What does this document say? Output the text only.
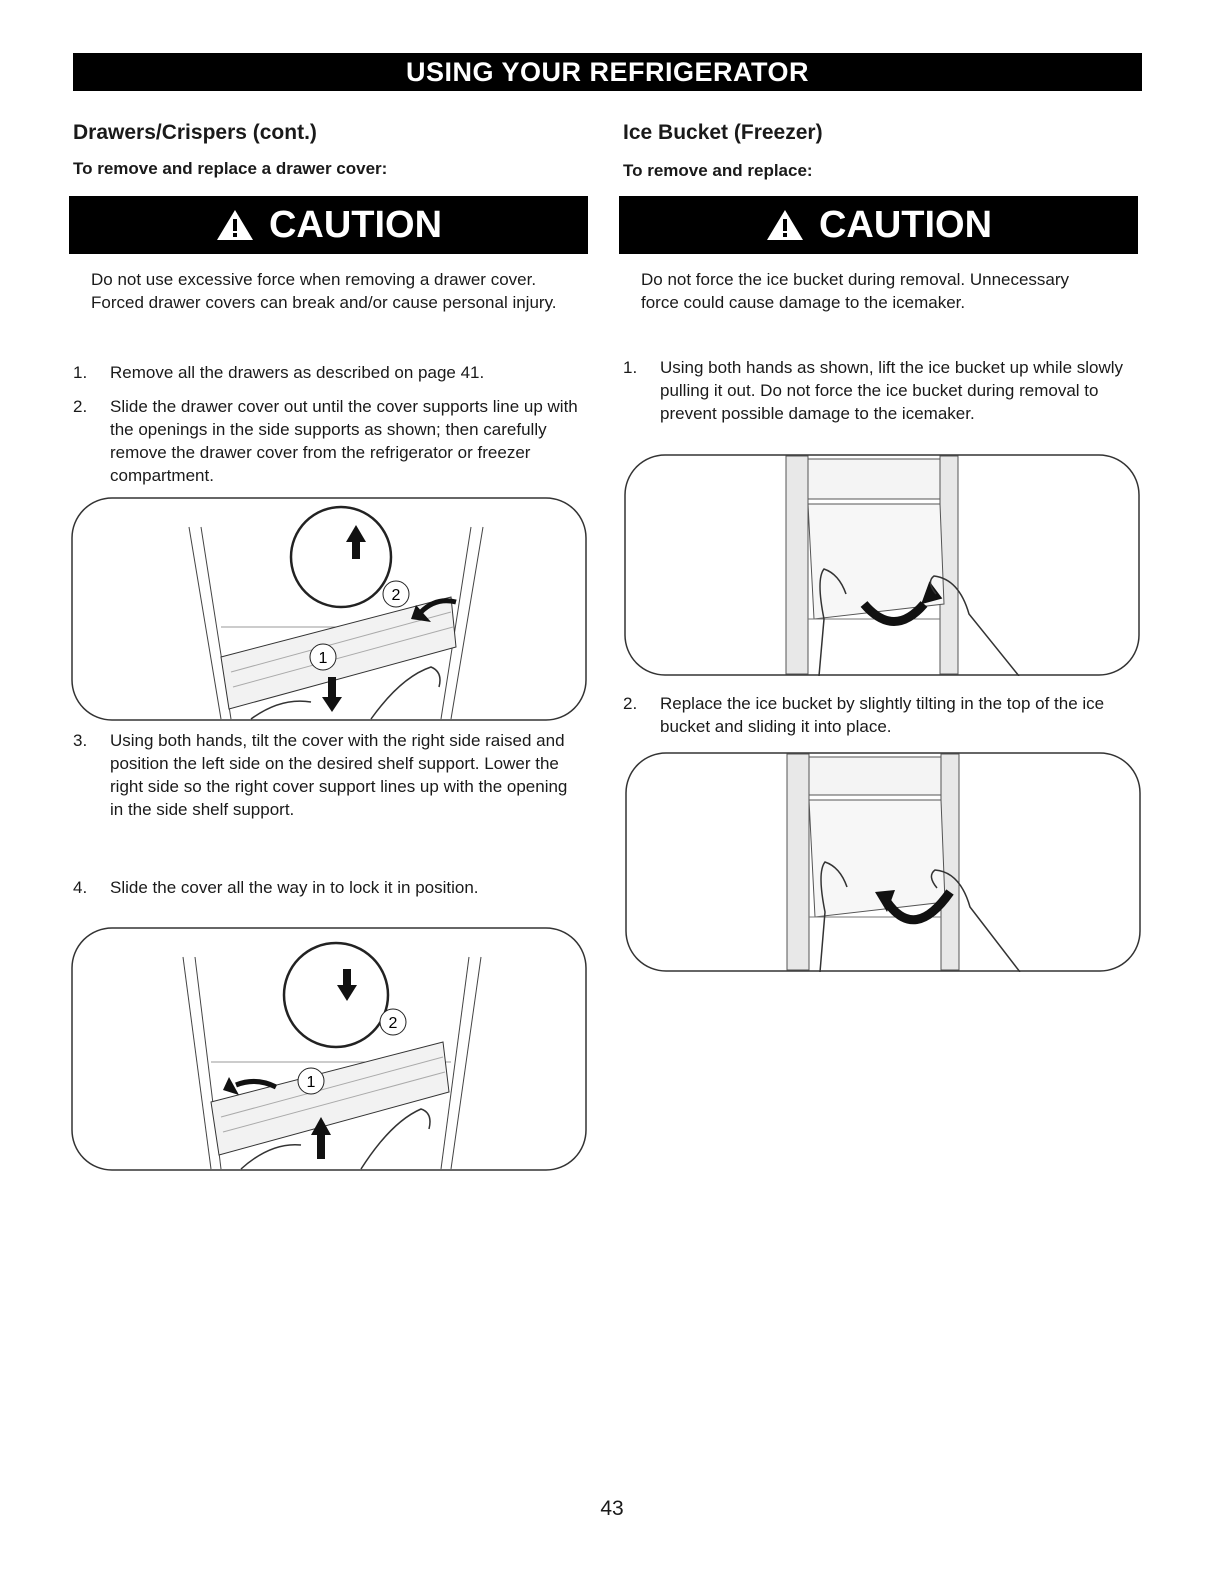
USING YOUR REFRIGERATOR
Drawers/Crispers (cont.)
To remove and replace a drawer cover:
CAUTION
Do not use excessive force when removing a drawer cover. Forced drawer covers can break and/or cause personal injury.
1.	Remove all the drawers as described on page 41.
2.	Slide the drawer cover out until the cover supports line up with the openings in the side supports as shown; then carefully remove the drawer cover from the refrigerator or freezer compartment.
2
1
3.	Using both hands, tilt the cover with the right side raised and position the left side on the desired shelf support. Lower the right side so the right cover support lines up with the opening in the side shelf support.
4.	Slide the cover all the way in to lock it in position.
2
1
Ice Bucket (Freezer)
To remove and replace:
CAUTION
Do not force the ice bucket during removal. Unnecessary force could cause damage to the icemaker.
1.	Using both hands as shown, lift the ice bucket up while slowly pulling it out. Do not force the ice bucket during removal to prevent possible damage to the icemaker.
2.	Replace the ice bucket by slightly tilting in the top of the ice bucket and sliding it into place.
43
